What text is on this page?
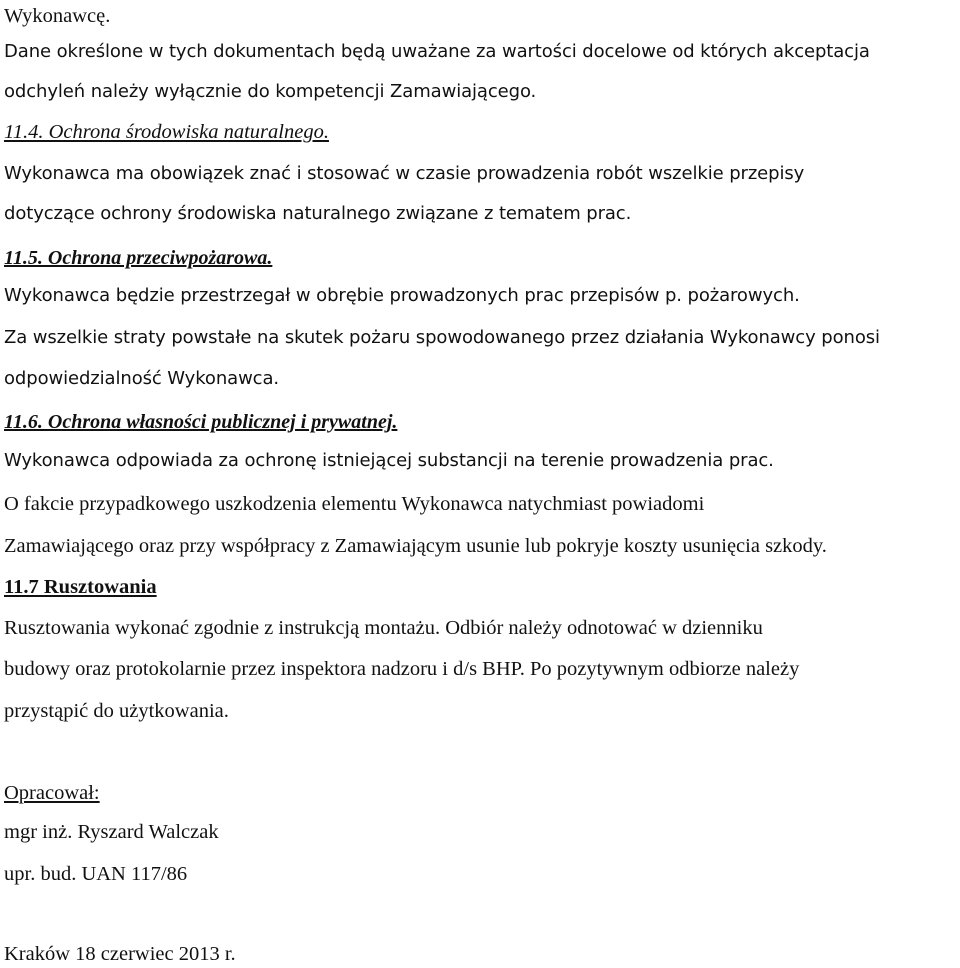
Wykonawcę.
Dane określone w tych dokumentach będą uważane za wartości docelowe od których akceptacja
odchyleń należy wyłącznie do kompetencji Zamawiającego.
11.4. Ochrona środowiska naturalnego.
Wykonawca ma obowiązek znać i stosować w czasie prowadzenia robót wszelkie przepisy
dotyczące ochrony środowiska naturalnego związane z tematem prac.
11.5. Ochrona przeciwpożarowa.
Wykonawca będzie przestrzegał w obrębie prowadzonych prac przepisów p. pożarowych.
Za wszelkie straty powstałe na skutek pożaru spowodowanego przez działania Wykonawcy ponosi
odpowiedzialność Wykonawca.
11.6. Ochrona własności publicznej i prywatnej.
Wykonawca odpowiada za ochronę istniejącej substancji na terenie prowadzenia prac.
O fakcie przypadkowego uszkodzenia elementu Wykonawca natychmiast powiadomi
Zamawiającego oraz przy współpracy z Zamawiającym usunie lub pokryje koszty usunięcia szkody.
11.7 Rusztowania
Rusztowania wykonać zgodnie z instrukcją montażu. Odbiór należy odnotować w dzienniku
budowy oraz protokolarnie przez inspektora nadzoru i d/s BHP. Po pozytywnym odbiorze należy
przystąpić do użytkowania.
Opracował:
mgr inż. Ryszard Walczak
upr. bud. UAN 117/86
Kraków 18 czerwiec 2013 r.
